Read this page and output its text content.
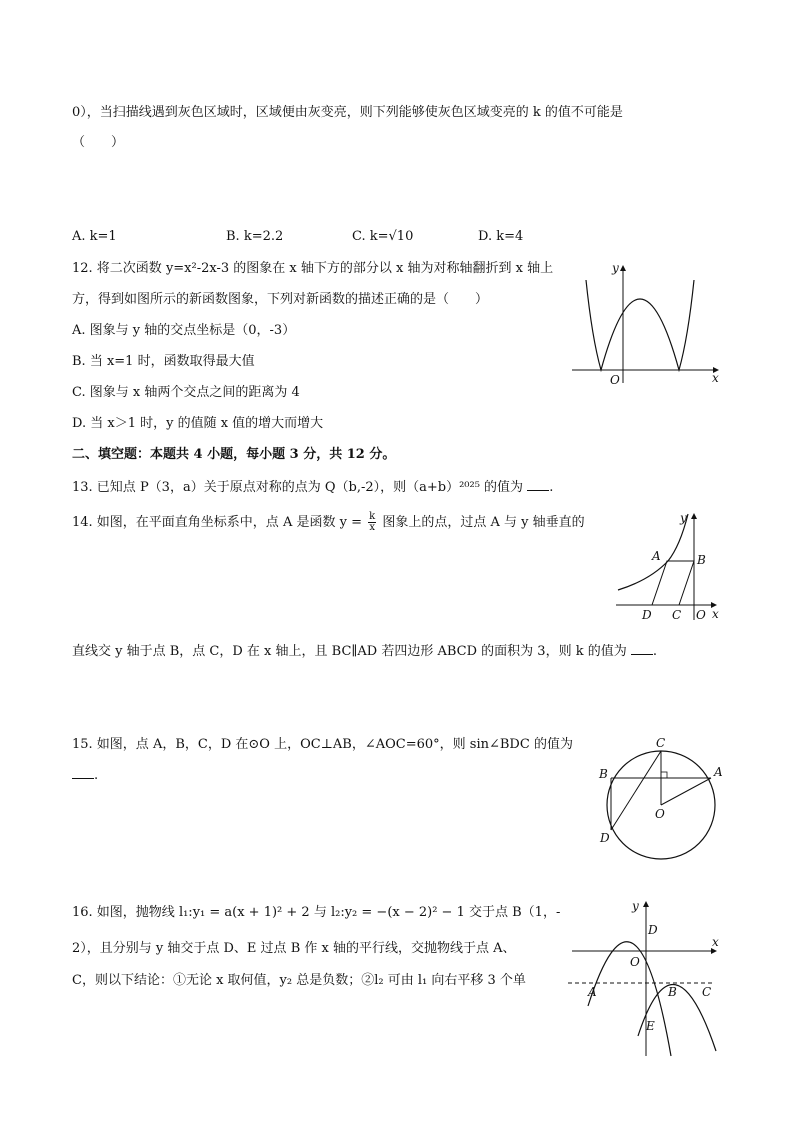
0），当扫描线遇到灰色区域时，区域便由灰变亮，则下列能够使灰色区域变亮的 k 的值不可能是
（　　）
A. k=1	B. k=2.2	C. k=√10	D. k=4
12. 将二次函数 y=x²-2x-3 的图象在 x 轴下方的部分以 x 轴为对称轴翻折到 x 轴上
方，得到如图所示的新函数图象，下列对新函数的描述正确的是（　　）
A. 图象与 y 轴的交点坐标是（0，-3）
B. 当 x=1 时，函数取得最大值
C. 图象与 x 轴两个交点之间的距离为 4
D. 当 x＞1 时，y 的值随 x 值的增大而增大
y
x
O
二、填空题：本题共 4 小题，每小题 3 分，共 12 分。
13. 已知点 P（3，a）关于原点对称的点为 Q（b,-2），则（a+b）²⁰²⁵ 的值为 .
14. 如图，在平面直角坐标系中，点 A 是函数 $y = \frac{k}{x}$ 图象上的点，过点 A 与 y 轴垂直的
直线交 y 轴于点 B，点 C，D 在 x 轴上，且 BC∥AD 若四边形 ABCD 的面积为 3，则 k 的值为 .
y
A	B
D C O x
15. 如图，点 A，B，C，D 在⊙O 上，OC⊥AB，∠AOC=60°，则 sin∠BDC 的值为
.
C
B	A
O
D
16. 如图，抛物线 l₁:y₁ = a(x + 1)² + 2 与 l₂:y₂ = −(x − 2)² − 1 交于点 B（1，-
2），且分别与 y 轴交于点 D、E 过点 B 作 x 轴的平行线，交抛物线于点 A、
C，则以下结论：①无论 x 取何值，y₂ 总是负数；②l₂ 可由 l₁ 向右平移 3 个单
y
D
O
x
A	B C
E
